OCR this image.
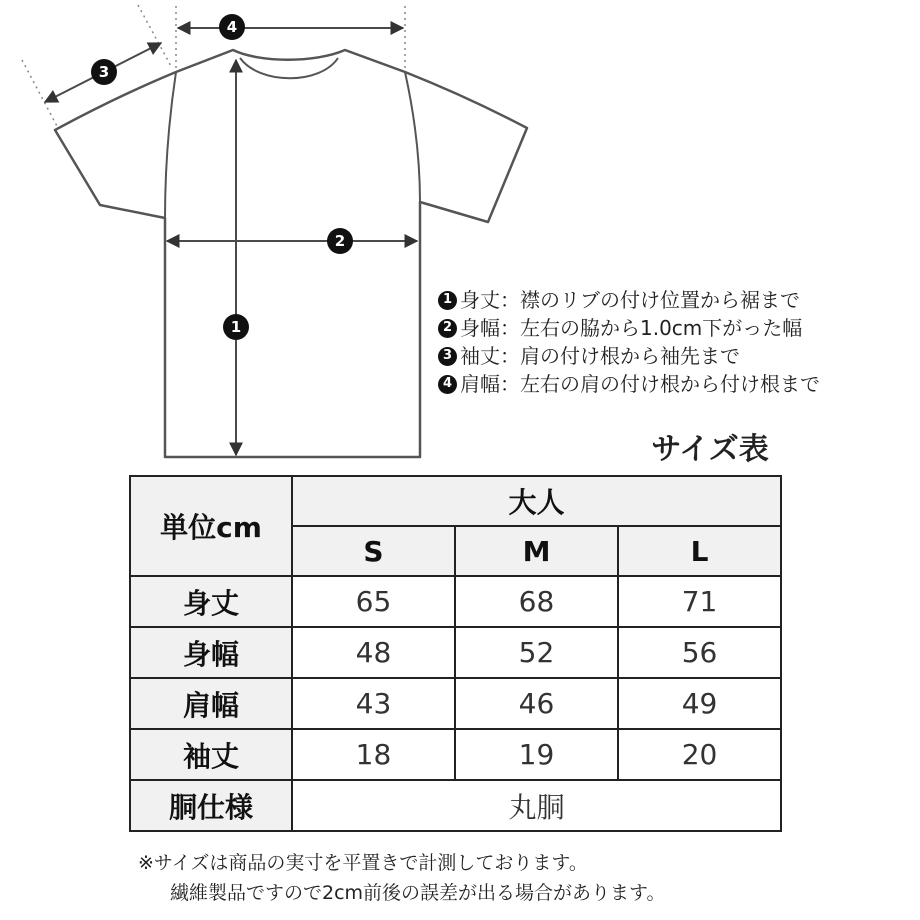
1
2
3
4
1 身丈：襟のリブの付け位置から裾まで
2 身幅：左右の脇から1.0cm下がった幅
3 袖丈：肩の付け根から袖先まで
4 肩幅：左右の肩の付け根から付け根まで
サイズ表
単位cm	大人		
	S	M	L
身丈	65	68	71
身幅	48	52	56
肩幅	43	46	49
袖丈	18	19	20
胴仕様	丸胴		
※サイズは商品の実寸を平置きで計測しております。
繊維製品ですので2cm前後の誤差が出る場合があります。
